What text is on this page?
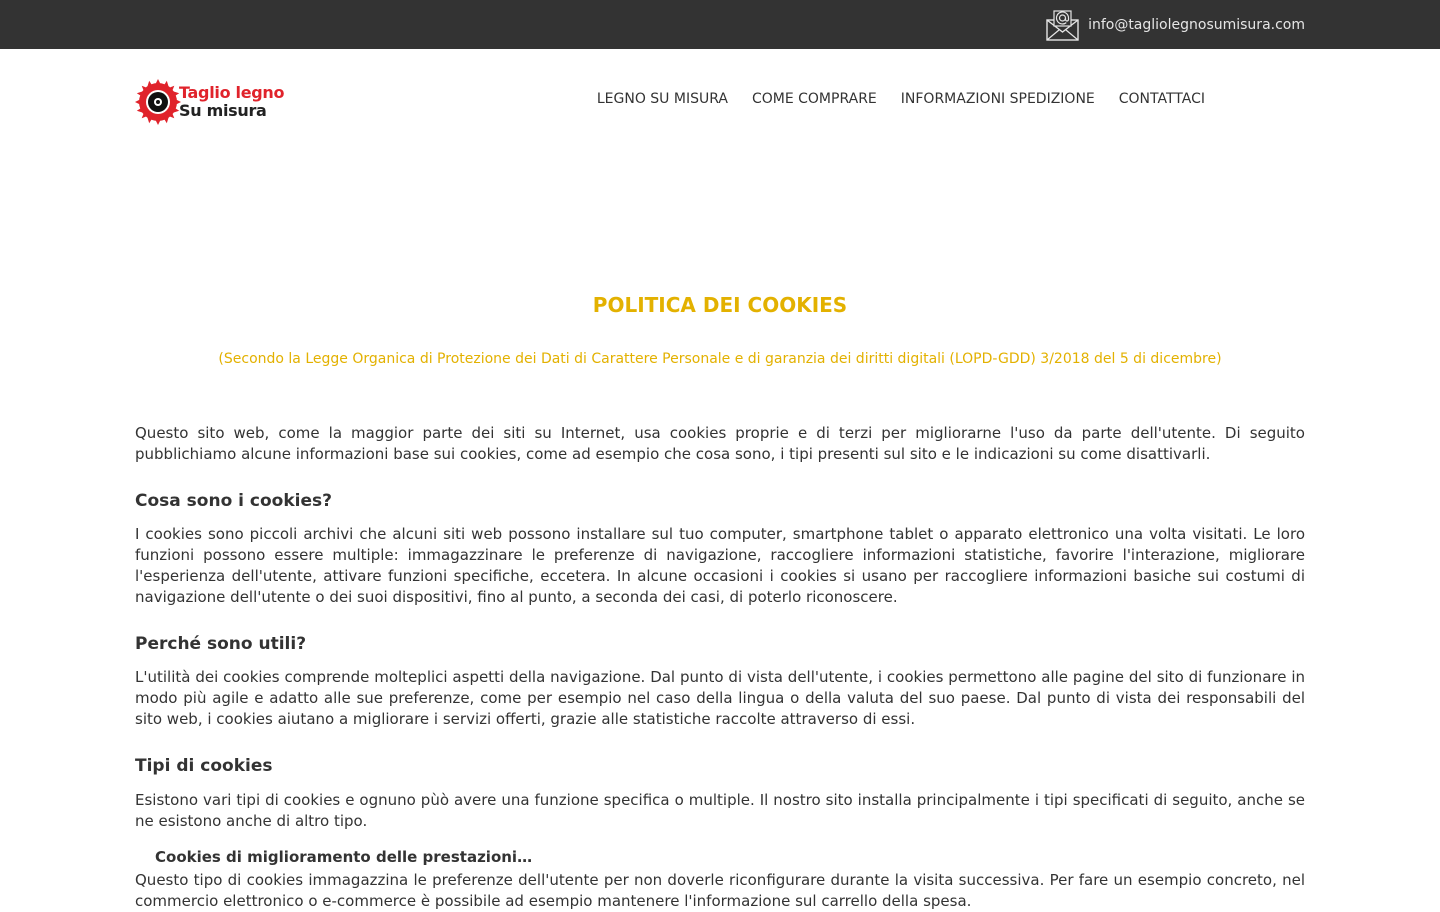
info@tagliolegnosumisura.com
Taglio legno
Su misura
LEGNO SU MISURA	COME COMPRARE	INFORMAZIONI SPEDIZIONE	CONTATTACI
POLITICA DEI COOKIES

(Secondo la Legge Organica di Protezione dei Dati di Carattere Personale e di garanzia dei diritti digitali (LOPD-GDD) 3/2018 del 5 di dicembre)

Questo sito web, come la maggior parte dei siti su Internet, usa cookies proprie e di terzi per migliorarne l'uso da parte dell'utente. Di seguito pubblichiamo alcune informazioni base sui cookies, come ad esempio che cosa sono, i tipi presenti sul sito e le indicazioni su come disattivarli.

Cosa sono i cookies?

I cookies sono piccoli archivi che alcuni siti web possono installare sul tuo computer, smartphone tablet o apparato elettronico una volta visitati. Le loro funzioni possono essere multiple: immagazzinare le preferenze di navigazione, raccogliere informazioni statistiche, favorire l'interazione, migliorare l'esperienza dell'utente, attivare funzioni specifiche, eccetera. In alcune occasioni i cookies si usano per raccogliere informazioni basiche sui costumi di navigazione dell'utente o dei suoi dispositivi, fino al punto, a seconda dei casi, di poterlo riconoscere.

Perché sono utili?

L'utilità dei cookies comprende molteplici aspetti della navigazione. Dal punto di vista dell'utente, i cookies permettono alle pagine del sito di funzionare in modo più agile e adatto alle sue preferenze, come per esempio nel caso della lingua o della valuta del suo paese. Dal punto di vista dei responsabili del sito web, i cookies aiutano a migliorare i servizi offerti, grazie alle statistiche raccolte attraverso di essi.

Tipi di cookies

Esistono vari tipi di cookies e ognuno pùò avere una funzione specifica o multiple. Il nostro sito installa principalmente i tipi specificati di seguito, anche se ne esistono anche di altro tipo.

Cookies di miglioramento delle prestazioni…

Questo tipo di cookies immagazzina le preferenze dell'utente per non doverle riconfigurare durante la visita successiva. Per fare un esempio concreto, nel commercio elettronico o e-commerce è possibile ad esempio mantenere l'informazione sul carrello della spesa.
